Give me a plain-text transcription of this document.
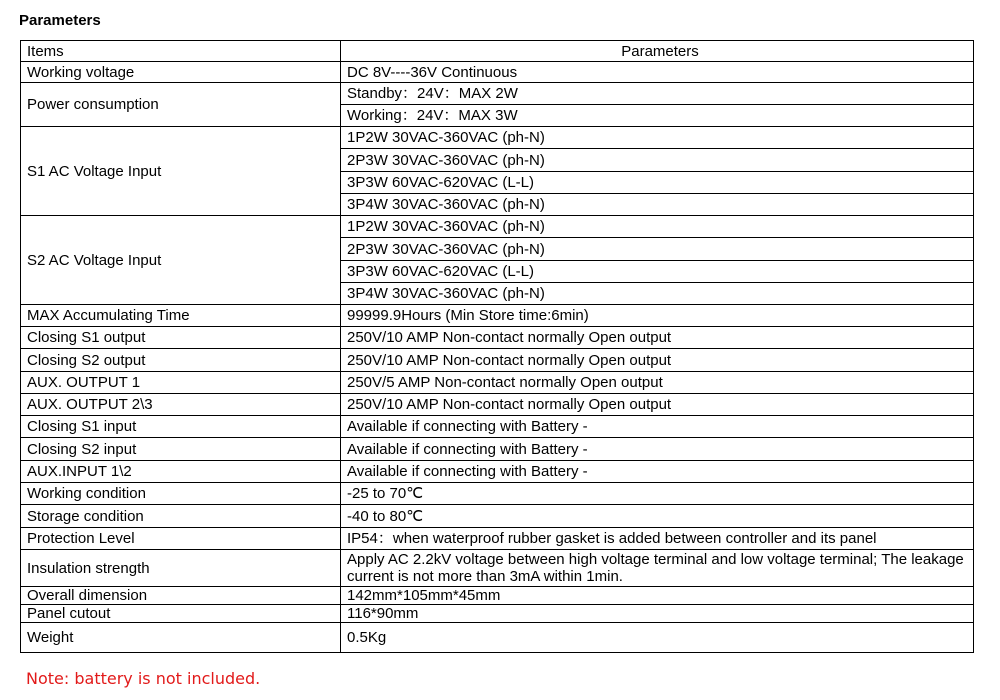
Parameters
Items	Parameters
Working voltage	DC 8V----36V Continuous
Power consumption	Standby：24V：MAX 2W
	Working：24V：MAX 3W
S1 AC Voltage Input	1P2W 30VAC-360VAC (ph-N)
	2P3W 30VAC-360VAC (ph-N)
	3P3W 60VAC-620VAC (L-L)
	3P4W 30VAC-360VAC (ph-N)
S2 AC Voltage Input	1P2W 30VAC-360VAC (ph-N)
	2P3W 30VAC-360VAC (ph-N)
	3P3W 60VAC-620VAC (L-L)
	3P4W 30VAC-360VAC (ph-N)
MAX Accumulating Time	99999.9Hours (Min Store time:6min)
Closing S1 output	250V/10 AMP Non-contact normally Open output
Closing S2 output	250V/10 AMP Non-contact normally Open output
AUX. OUTPUT 1	250V/5 AMP Non-contact normally Open output
AUX. OUTPUT 2\3	250V/10 AMP Non-contact normally Open output
Closing S1 input	Available if connecting with Battery -
Closing S2 input	Available if connecting with Battery -
AUX.INPUT 1\2	Available if connecting with Battery -
Working condition	-25 to 70℃
Storage condition	-40 to 80℃
Protection Level	IP54：when waterproof rubber gasket is added between controller and its panel
Insulation strength	Apply AC 2.2kV voltage between high voltage terminal and low voltage terminal; The leakage current is not more than 3mA within 1min.
Overall dimension	142mm*105mm*45mm
Panel cutout	116*90mm
Weight	0.5Kg
Note: battery is not included.
